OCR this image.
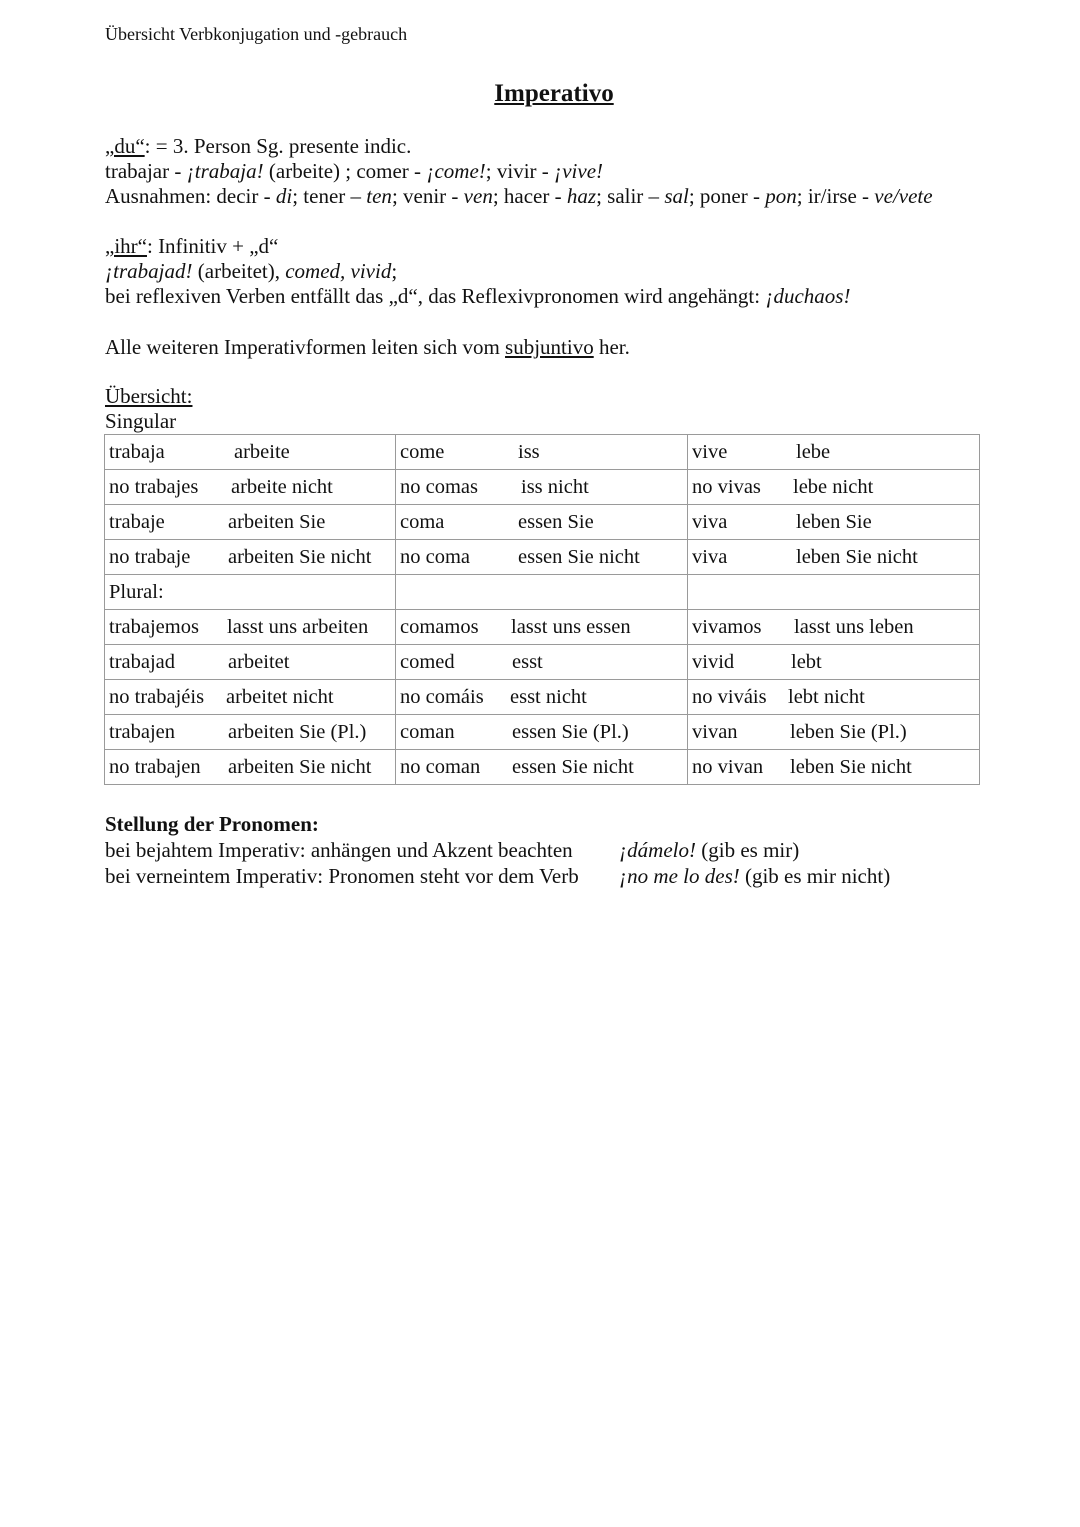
Übersicht Verbkonjugation und -gebrauch
Imperativo
„du“: = 3. Person Sg. presente indic.
trabajar - ¡trabaja! (arbeite) ; comer - ¡come!; vivir - ¡vive!
Ausnahmen: decir - di; tener – ten; venir - ven; hacer - haz; salir – sal; poner - pon; ir/irse - ve/vete
„ihr“: Infinitiv + „d“
¡trabajad! (arbeitet), comed, vivid;
bei reflexiven Verben entfällt das „d“, das Reflexivpronomen wird angehängt: ¡duchaos!
Alle weiteren Imperativformen leiten sich vom subjuntivo her.
Übersicht:
Singular
trabaja arbeite	come iss	vive lebe

no trabajes arbeite nicht	no comas iss nicht	no vivas lebe nicht

trabaje arbeiten Sie	coma essen Sie	viva leben Sie

no trabaje arbeiten Sie nicht	no coma essen Sie nicht	viva leben Sie nicht

Plural:		

trabajemos lasst uns arbeiten	comamos lasst uns essen	vivamos lasst uns leben

trabajad arbeitet	comed esst	vivid lebt

no trabajéis arbeitet nicht	no comáis esst nicht	no viváis lebt nicht

trabajen arbeiten Sie (Pl.)	coman essen Sie (Pl.)	vivan leben Sie (Pl.)

no trabajen arbeiten Sie nicht	no coman essen Sie nicht	no vivan leben Sie nicht
Stellung der Pronomen:
bei bejahtem Imperativ: anhängen und Akzent beachten ¡dámelo! (gib es mir)
bei verneintem Imperativ: Pronomen steht vor dem Verb ¡no me lo des! (gib es mir nicht)
